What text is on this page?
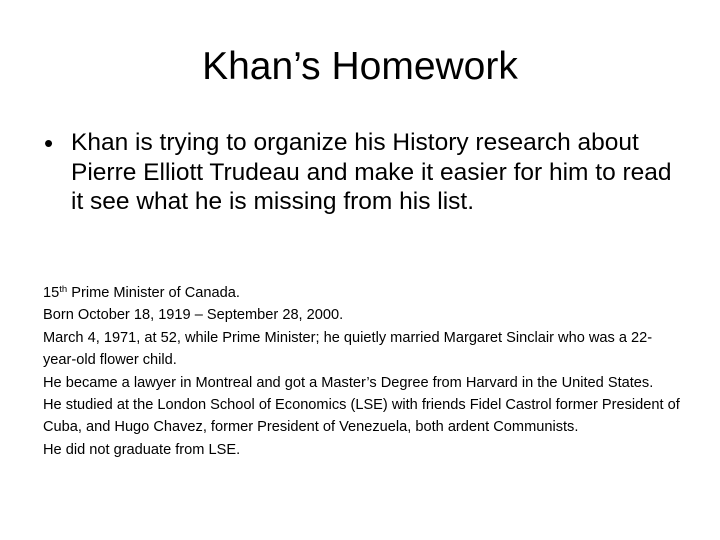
Khan’s Homework
• Khan is trying to organize his History research about Pierre Elliott Trudeau and make it easier for him to read it see what he is missing from his list.

15th Prime Minister of Canada.

Born October 18, 1919 – September 28, 2000.

March 4, 1971, at 52, while Prime Minister; he quietly married Margaret Sinclair who was a 22-year-old flower child.

He became a lawyer in Montreal and got a Master’s Degree from Harvard in the United States.

He studied at the London School of Economics (LSE) with friends Fidel Castrol former President of Cuba, and Hugo Chavez, former President of Venezuela, both ardent Communists.

He did not graduate from LSE.
